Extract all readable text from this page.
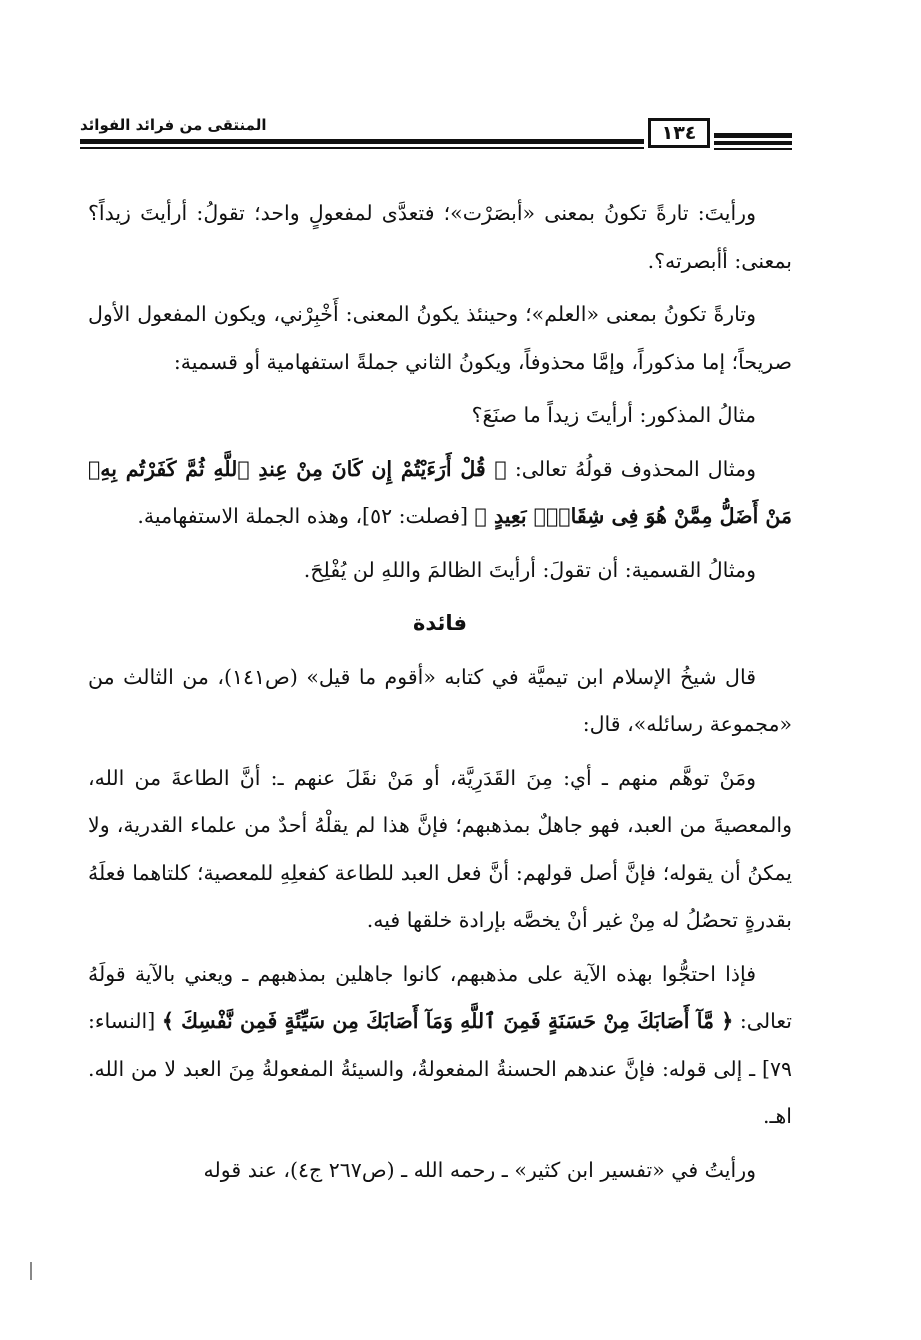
المنتقى من فرائد الفوائد	١٣٤

ورأيتَ: تارةً تكونُ بمعنى «أبصَرْت»؛ فتعدَّى لمفعولٍ واحد؛ تقولُ: أرأيتَ زيداً؟ بمعنى: أأبصرته؟.

وتارةً تكونُ بمعنى «العلم»؛ وحينئذ يكونُ المعنى: أَخْبِرْني، ويكون المفعول الأول صريحاً؛ إما مذكوراً، وإمَّا محذوفاً، ويكونُ الثاني جملةً استفهامية أو قسمية:

مثالُ المذكور: أرأيتَ زيداً ما صنَعَ؟

ومثال المحذوف قولُهُ تعالى: ﴿ قُلْ أَرَءَيْتُمْ إِن كَانَ مِنْ عِندِ ٱللَّهِ ثُمَّ كَفَرْتُم بِهِۦ مَنْ أَضَلُّ مِمَّنْ هُوَ فِى شِقَاقٍۭ بَعِيدٍ ﴾ [فصلت: ٥٢]، وهذه الجملة الاستفهامية.

ومثالُ القسمية: أن تقولَ: أرأيتَ الظالمَ واللهِ لن يُفْلِحَ.

فائدة

قال شيخُ الإسلام ابن تيميَّة في كتابه «أقوم ما قيل» (ص١٤١)، من الثالث من «مجموعة رسائله»، قال:

ومَنْ توهَّم منهم ـ أي: مِنَ القَدَرِيَّة، أو مَنْ نقَلَ عنهم ـ: أنَّ الطاعةَ من الله، والمعصيةَ من العبد، فهو جاهلٌ بمذهبهم؛ فإنَّ هذا لم يقلْهُ أحدٌ من علماء القدرية، ولا يمكنُ أن يقوله؛ فإنَّ أصل قولهم: أنَّ فعل العبد للطاعة كفعلِهِ للمعصية؛ كلتاهما فعلَهُ بقدرةٍ تحصُلُ له مِنْ غير أنْ يخصَّه بإرادة خلقها فيه.

فإذا احتجُّوا بهذه الآية على مذهبهم، كانوا جاهلين بمذهبهم ـ ويعني بالآية قولَهُ تعالى: ﴿ مَّآ أَصَابَكَ مِنْ حَسَنَةٍ فَمِنَ ٱللَّهِ وَمَآ أَصَابَكَ مِن سَيِّئَةٍ فَمِن نَّفْسِكَ ﴾ [النساء: ٧٩] ـ إلى قوله: فإنَّ عندهم الحسنةُ المفعولةُ، والسيئةُ المفعولةُ مِنَ العبد لا من الله. اهـ.

ورأيتُ في «تفسير ابن كثير» ـ رحمه الله ـ (ص٢٦٧ ج٤)، عند قوله
